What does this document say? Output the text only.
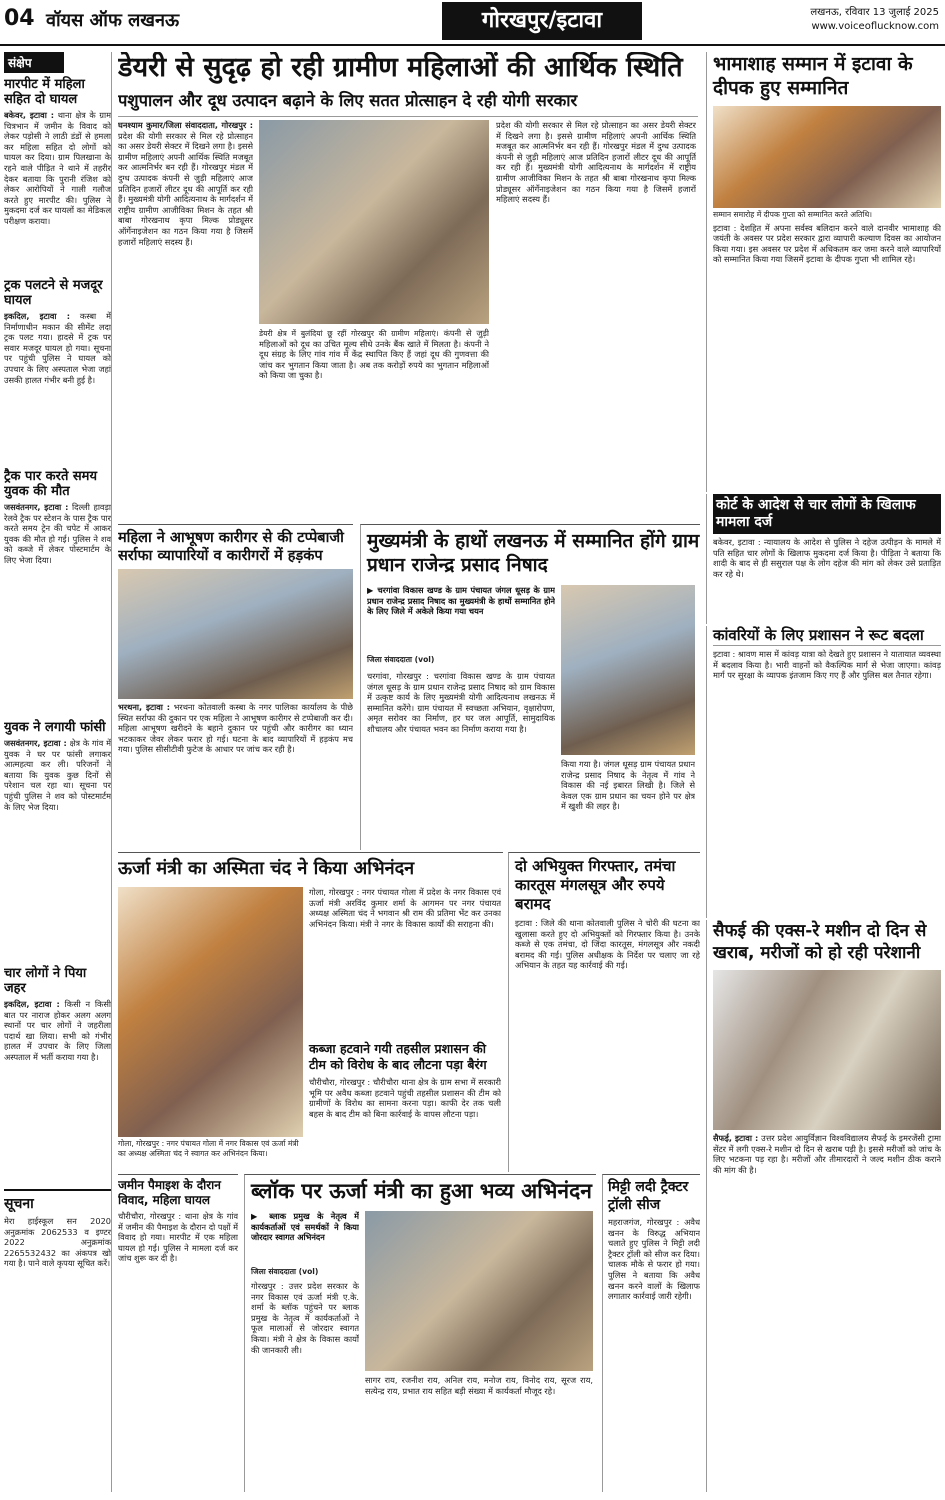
04 वॉयस ऑफ लखनऊ	गोरखपुर/इटावा	लखनऊ, रविवार 13 जुलाई 2025
www.voiceoflucknow.com
संक्षेप
मारपीट में महिला सहित दो घायल
बकेवर, इटावा : थाना क्षेत्र के ग्राम चित्रभान में जमीन के विवाद को लेकर पड़ोसी ने लाठी डंडों से हमला कर महिला सहित दो लोगों को घायल कर दिया। ग्राम पिलखाना के रहने वाले पीड़ित ने थाने में तहरीर देकर बताया कि पुरानी रंजिश को लेकर आरोपियों ने गाली गलौज करते हुए मारपीट की। पुलिस ने मुकदमा दर्ज कर घायलों का मेडिकल परीक्षण कराया।
ट्रक पलटने से मजदूर घायल
इकदिल, इटावा : कस्बा में निर्माणाधीन मकान की सीमेंट लदा ट्रक पलट गया। हादसे में ट्रक पर सवार मजदूर घायल हो गया। सूचना पर पहुंची पुलिस ने घायल को उपचार के लिए अस्पताल भेजा जहां उसकी हालत गंभीर बनी हुई है।
ट्रैक पार करते समय युवक की मौत
जसवंतनगर, इटावा : दिल्ली हावड़ा रेलवे ट्रैक पर स्टेशन के पास ट्रैक पार करते समय ट्रेन की चपेट में आकर युवक की मौत हो गई। पुलिस ने शव को कब्जे में लेकर पोस्टमार्टम के लिए भेजा दिया।
युवक ने लगायी फांसी
जसवंतनगर, इटावा : क्षेत्र के गांव में युवक ने घर पर फांसी लगाकर आत्महत्या कर ली। परिजनों ने बताया कि युवक कुछ दिनों से परेशान चल रहा था। सूचना पर पहुंची पुलिस ने शव को पोस्टमार्टम के लिए भेज दिया।
चार लोगों ने पिया जहर
इकदिल, इटावा : किसी न किसी बात पर नाराज होकर अलग अलग स्थानों पर चार लोगों ने जहरीला पदार्थ खा लिया। सभी को गंभीर हालत में उपचार के लिए जिला अस्पताल में भर्ती कराया गया है।
सूचना
मेरा हाईस्कूल सन 2020 अनुक्रमांक 2062533 व इण्टर 2022 अनुक्रमांक 2265532432 का अंकपत्र खो गया है। पाने वाले कृपया सूचित करें।
डेयरी से सुदृढ़ हो रही ग्रामीण महिलाओं की आर्थिक स्थिति
पशुपालन और दूध उत्पादन बढ़ाने के लिए सतत प्रोत्साहन दे रही योगी सरकार
घनश्याम कुमार/जिला संवाददाता, गोरखपुर : प्रदेश की योगी सरकार से मिल रहे प्रोत्साहन का असर डेयरी सेक्टर में दिखने लगा है। इससे ग्रामीण महिलाएं अपनी आर्थिक स्थिति मजबूत कर आत्मनिर्भर बन रही हैं। गोरखपुर मंडल में दुग्ध उत्पादक कंपनी से जुड़ी महिलाएं आज प्रतिदिन हजारों लीटर दूध की आपूर्ति कर रही हैं। मुख्यमंत्री योगी आदित्यनाथ के मार्गदर्शन में राष्ट्रीय ग्रामीण आजीविका मिशन के तहत श्री बाबा गोरखनाथ कृपा मिल्क प्रोड्यूसर ऑर्गेनाइजेशन का गठन किया गया है जिसमें हजारों महिलाएं सदस्य हैं।
डेयरी क्षेत्र में बुलंदियां छू रहीं गोरखपुर की ग्रामीण महिलाएं। कंपनी से जुड़ी महिलाओं को दूध का उचित मूल्य सीधे उनके बैंक खाते में मिलता है। कंपनी ने दूध संग्रह के लिए गांव गांव में केंद्र स्थापित किए हैं जहां दूध की गुणवत्ता की जांच कर भुगतान किया जाता है। अब तक करोड़ों रुपये का भुगतान महिलाओं को किया जा चुका है।
प्रदेश की योगी सरकार से मिल रहे प्रोत्साहन का असर डेयरी सेक्टर में दिखने लगा है। इससे ग्रामीण महिलाएं अपनी आर्थिक स्थिति मजबूत कर आत्मनिर्भर बन रही हैं। गोरखपुर मंडल में दुग्ध उत्पादक कंपनी से जुड़ी महिलाएं आज प्रतिदिन हजारों लीटर दूध की आपूर्ति कर रही हैं। मुख्यमंत्री योगी आदित्यनाथ के मार्गदर्शन में राष्ट्रीय ग्रामीण आजीविका मिशन के तहत श्री बाबा गोरखनाथ कृपा मिल्क प्रोड्यूसर ऑर्गेनाइजेशन का गठन किया गया है जिसमें हजारों महिलाएं सदस्य हैं।
भामाशाह सम्मान में इटावा के दीपक हुए सम्मानित
सम्मान समारोह में दीपक गुप्ता को सम्मानित करते अतिथि।
इटावा : देशहित में अपना सर्वस्व बलिदान करने वाले दानवीर भामाशाह की जयंती के अवसर पर प्रदेश सरकार द्वारा व्यापारी कल्याण दिवस का आयोजन किया गया। इस अवसर पर प्रदेश में अधिकतम कर जमा करने वाले व्यापारियों को सम्मानित किया गया जिसमें इटावा के दीपक गुप्ता भी शामिल रहे।
कोर्ट के आदेश से चार लोगों के खिलाफ मामला दर्ज
बकेवर, इटावा : न्यायालय के आदेश से पुलिस ने दहेज उत्पीड़न के मामले में पति सहित चार लोगों के खिलाफ मुकदमा दर्ज किया है। पीड़िता ने बताया कि शादी के बाद से ही ससुराल पक्ष के लोग दहेज की मांग को लेकर उसे प्रताड़ित कर रहे थे।
कांवरियों के लिए प्रशासन ने रूट बदला
इटावा : श्रावण मास में कांवड़ यात्रा को देखते हुए प्रशासन ने यातायात व्यवस्था में बदलाव किया है। भारी वाहनों को वैकल्पिक मार्ग से भेजा जाएगा। कांवड़ मार्ग पर सुरक्षा के व्यापक इंतजाम किए गए हैं और पुलिस बल तैनात रहेगा।
सैफई की एक्स-रे मशीन दो दिन से खराब, मरीजों को हो रही परेशानी
सैफई, इटावा : उत्तर प्रदेश आयुर्विज्ञान विश्वविद्यालय सैफई के इमरजेंसी ट्रामा सेंटर में लगी एक्स-रे मशीन दो दिन से खराब पड़ी है। इससे मरीजों को जांच के लिए भटकना पड़ रहा है। मरीजों और तीमारदारों ने जल्द मशीन ठीक कराने की मांग की है।
महिला ने आभूषण कारीगर से की टप्पेबाजी सर्राफा व्यापारियों व कारीगरों में हड़कंप
भरथना, इटावा : भरथना कोतवाली कस्बा के नगर पालिका कार्यालय के पीछे स्थित सर्राफा की दुकान पर एक महिला ने आभूषण कारीगर से टप्पेबाजी कर दी। महिला आभूषण खरीदने के बहाने दुकान पर पहुंची और कारीगर का ध्यान भटकाकर जेवर लेकर फरार हो गई। घटना के बाद व्यापारियों में हड़कंप मच गया। पुलिस सीसीटीवी फुटेज के आधार पर जांच कर रही है।
मुख्यमंत्री के हाथों लखनऊ में सम्मानित होंगे ग्राम प्रधान राजेन्द्र प्रसाद निषाद
▶ चरगांवा विकास खण्ड के ग्राम पंचायत जंगल धूसड़ के ग्राम प्रधान राजेन्द्र प्रसाद निषाद का मुख्यमंत्री के हाथों सम्मानित होने के लिए जिले में अकेले किया गया चयन
जिला संवाददाता (vol)
चरगांवा, गोरखपुर : चरगांवा विकास खण्ड के ग्राम पंचायत जंगल धूसड़ के ग्राम प्रधान राजेन्द्र प्रसाद निषाद को ग्राम विकास में उत्कृष्ट कार्य के लिए मुख्यमंत्री योगी आदित्यनाथ लखनऊ में सम्मानित करेंगे। ग्राम पंचायत में स्वच्छता अभियान, वृक्षारोपण, अमृत सरोवर का निर्माण, हर घर जल आपूर्ति, सामुदायिक शौचालय और पंचायत भवन का निर्माण कराया गया है।
किया गया है। जंगल धूसड़ ग्राम पंचायत प्रधान राजेन्द्र प्रसाद निषाद के नेतृत्व में गांव ने विकास की नई इबारत लिखी है। जिले से केवल एक ग्राम प्रधान का चयन होने पर क्षेत्र में खुशी की लहर है।
ऊर्जा मंत्री का अस्मिता चंद ने किया अभिनंदन
गोला, गोरखपुर : नगर पंचायत गोला में नगर विकास एवं ऊर्जा मंत्री का अध्यक्ष अस्मिता चंद ने स्वागत कर अभिनंदन किया।
गोला, गोरखपुर : नगर पंचायत गोला में प्रदेश के नगर विकास एवं ऊर्जा मंत्री अरविंद कुमार शर्मा के आगमन पर नगर पंचायत अध्यक्ष अस्मिता चंद ने भगवान श्री राम की प्रतिमा भेंट कर उनका अभिनंदन किया। मंत्री ने नगर के विकास कार्यों की सराहना की।
कब्जा हटवाने गयी तहसील प्रशासन की टीम को विरोध के बाद लौटना पड़ा बैरंग
चौरीचौरा, गोरखपुर : चौरीचौरा थाना क्षेत्र के ग्राम सभा में सरकारी भूमि पर अवैध कब्जा हटवाने पहुंची तहसील प्रशासन की टीम को ग्रामीणों के विरोध का सामना करना पड़ा। काफी देर तक चली बहस के बाद टीम को बिना कार्रवाई के वापस लौटना पड़ा।
दो अभियुक्त गिरफ्तार, तमंचा कारतूस मंगलसूत्र और रुपये बरामद
इटावा : जिले की थाना कोतवाली पुलिस ने चोरी की घटना का खुलासा करते हुए दो अभियुक्तों को गिरफ्तार किया है। उनके कब्जे से एक तमंचा, दो जिंदा कारतूस, मंगलसूत्र और नकदी बरामद की गई। पुलिस अधीक्षक के निर्देश पर चलाए जा रहे अभियान के तहत यह कार्रवाई की गई।
जमीन पैमाइश के दौरान विवाद, महिला घायल
चौरीचौरा, गोरखपुर : थाना क्षेत्र के गांव में जमीन की पैमाइश के दौरान दो पक्षों में विवाद हो गया। मारपीट में एक महिला घायल हो गई। पुलिस ने मामला दर्ज कर जांच शुरू कर दी है।
ब्लॉक पर ऊर्जा मंत्री का हुआ भव्य अभिनंदन
▶ ब्लाक प्रमुख के नेतृत्व में कार्यकर्ताओं एवं समर्थकों ने किया जोरदार स्वागत अभिनंदन
जिला संवाददाता (vol)
गोरखपुर : उत्तर प्रदेश सरकार के नगर विकास एवं ऊर्जा मंत्री ए.के. शर्मा के ब्लॉक पहुंचने पर ब्लाक प्रमुख के नेतृत्व में कार्यकर्ताओं ने फूल मालाओं से जोरदार स्वागत किया। मंत्री ने क्षेत्र के विकास कार्यों की जानकारी ली।
सागर राय, रजनीश राय, अनिल राय, मनोज राय, विनोद राय, सूरज राय, सत्येन्द्र राय, प्रभात राय सहित बड़ी संख्या में कार्यकर्ता मौजूद रहे।
मिट्टी लदी ट्रैक्टर ट्रॉली सीज
महराजगंज, गोरखपुर : अवैध खनन के विरुद्ध अभियान चलाते हुए पुलिस ने मिट्टी लदी ट्रैक्टर ट्रॉली को सीज कर दिया। चालक मौके से फरार हो गया। पुलिस ने बताया कि अवैध खनन करने वालों के खिलाफ लगातार कार्रवाई जारी रहेगी।
